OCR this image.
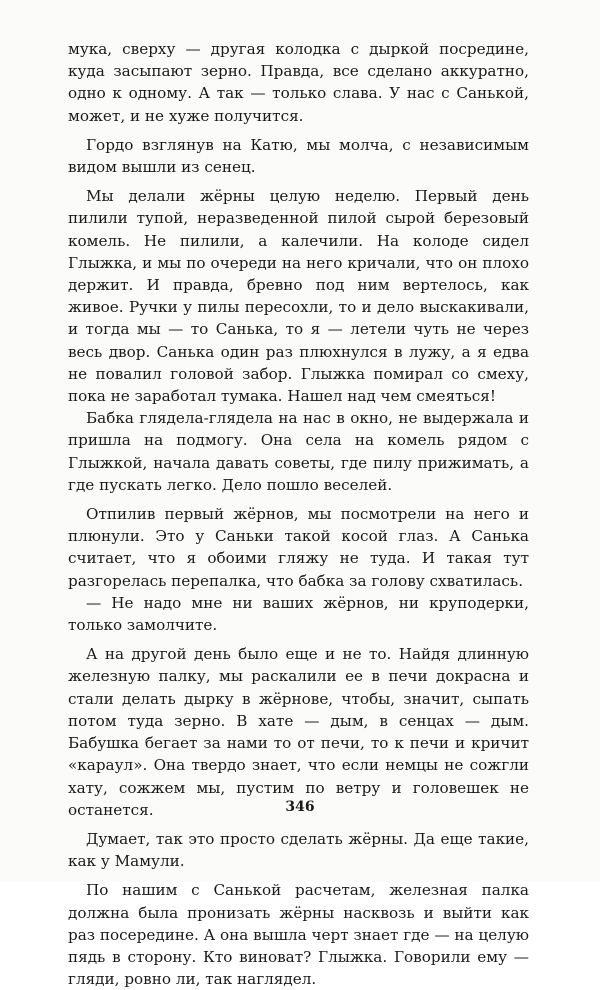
мука, сверху — другая колодка с дыркой посредине, куда засыпают зерно. Правда, все сделано аккуратно, одно к одному. А так — только слава. У нас с Санькой, может, и не хуже получится.

Гордо взглянув на Катю, мы молча, с независимым видом вышли из сенец.

Мы делали жёрны целую неделю. Первый день пилили тупой, неразведенной пилой сырой березовый комель. Не пилили, а калечили. На колоде сидел Глыжка, и мы по очереди на него кричали, что он плохо держит. И правда, бревно под ним вертелось, как живое. Ручки у пилы пересохли, то и дело выскакивали, и тогда мы — то Санька, то я — летели чуть не через весь двор. Санька один раз плюхнулся в лужу, а я едва не повалил головой забор. Глыжка помирал со смеху, пока не заработал тумака. Нашел над чем смеяться!

Бабка глядела-глядела на нас в окно, не выдержала и пришла на подмогу. Она села на комель рядом с Глыжкой, начала давать советы, где пилу прижимать, а где пускать легко. Дело пошло веселей.

Отпилив первый жёрнов, мы посмотрели на него и плюнули. Это у Саньки такой косой глаз. А Санька считает, что я обоими гляжу не туда. И такая тут разгорелась перепалка, что бабка за голову схватилась.

— Не надо мне ни ваших жёрнов, ни круподерки, только замолчите.

А на другой день было еще и не то. Найдя длинную железную палку, мы раскалили ее в печи докрасна и стали делать дырку в жёрнове, чтобы, значит, сыпать потом туда зерно. В хате — дым, в сенцах — дым. Бабушка бегает за нами то от печи, то к печи и кричит «караул». Она твердо знает, что если немцы не сожгли хату, сожжем мы, пустим по ветру и головешек не останется.

Думает, так это просто сделать жёрны. Да еще такие, как у Мамули.

По нашим с Санькой расчетам, железная палка должна была пронизать жёрны насквозь и выйти как раз посередине. А она вышла черт знает где — на целую пядь в сторону. Кто виноват? Глыжка. Говорили ему — гляди, ровно ли, так наглядел.

346
